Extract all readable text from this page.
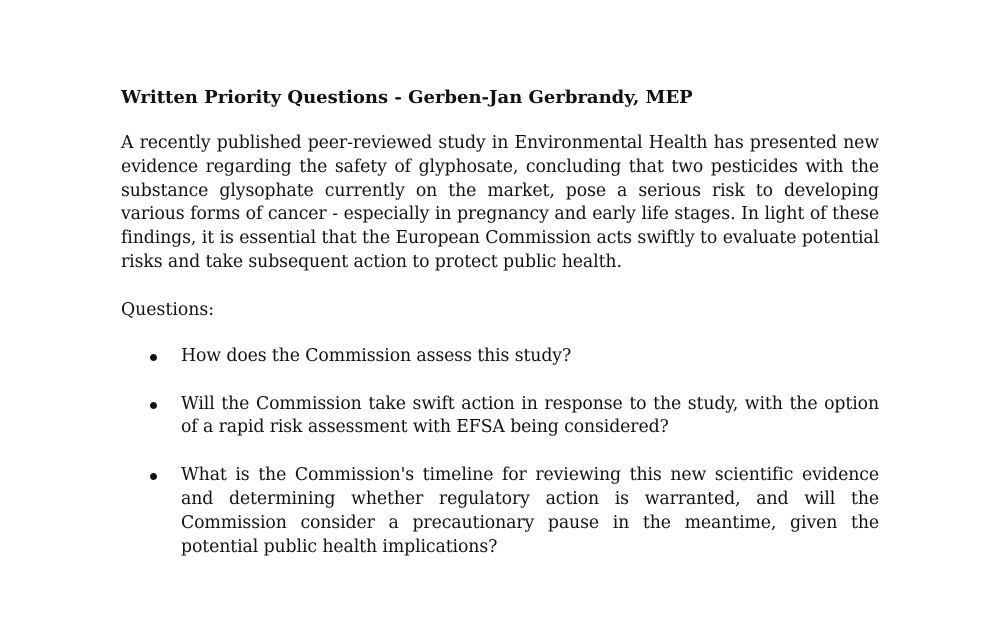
Written Priority Questions - Gerben-Jan Gerbrandy, MEP

A recently published peer-reviewed study in Environmental Health has presented new evidence regarding the safety of glyphosate, concluding that two pesticides with the substance glysophate currently on the market, pose a serious risk to developing various forms of cancer - especially in pregnancy and early life stages. In light of these findings, it is essential that the European Commission acts swiftly to evaluate potential risks and take subsequent action to protect public health.

Questions:

How does the Commission assess this study?
Will the Commission take swift action in response to the study, with the option of a rapid risk assessment with EFSA being considered?
What is the Commission's timeline for reviewing this new scientific evidence and determining whether regulatory action is warranted, and will the Commission consider a precautionary pause in the meantime, given the potential public health implications?
